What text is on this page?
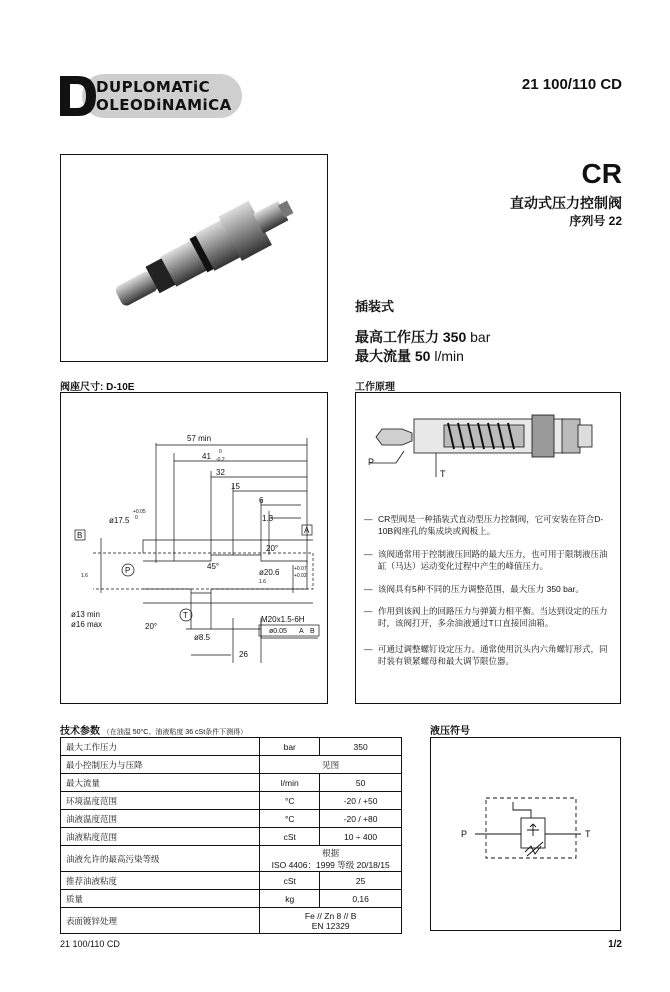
DUPLOMATiC
OLEODiNAMiCA
21 100/110 CD
CR
直动式压力控制阀
序列号 22
插装式
最高工作压力 350 bar
最大流量 50 l/min
阀座尺寸: D-10E	工作原理
57 min
41 0
-0.2
32
15
6
1.3
ø17.5
+0.05
0
B
A
20°
45°
ø20.6	+0.07
+0.02
P
T
1.6
1.6
ø13 min
ø16 max
M20x1.5-6H
20°
ø0.05 A B
ø8.5
26
P
T
— CR型阀是一种插装式直动型压力控制阀，它可安装在符合D-10B阀座孔的集成块或阀板上。
— 该阀通常用于控制液压回路的最大压力，也可用于限制液压油缸（马达）运动变化过程中产生的峰值压力。
— 该阀具有5种不同的压力调整范围，最大压力 350 bar。
— 作用到该阀上的回路压力与弹簧力相平衡。当达到设定的压力时，该阀打开，多余油液通过T口直接回油箱。
— 可通过调整螺钉设定压力。通常使用沉头内六角螺钉形式，同时装有锁紧螺母和最大调节限位器。
技术参数 （在油温 50°C、油液粘度 36 cSt条件下测得）	液压符号
最大工作压力	bar	350
最小控制压力与压降	见图	
最大流量	l/min	50
环境温度范围	°C	-20 / +50
油液温度范围	°C	-20 / +80
油液粘度范围	cSt	10 ÷ 400
油液允许的最高污染等级	根据
ISO 4406：1999 等级 20/18/15	
推荐油液粘度	cSt	25
质量	kg	0,16
表面镀锌处理	Fe // Zn 8 // B
EN 12329	
P	T
21 100/110 CD	1/2
